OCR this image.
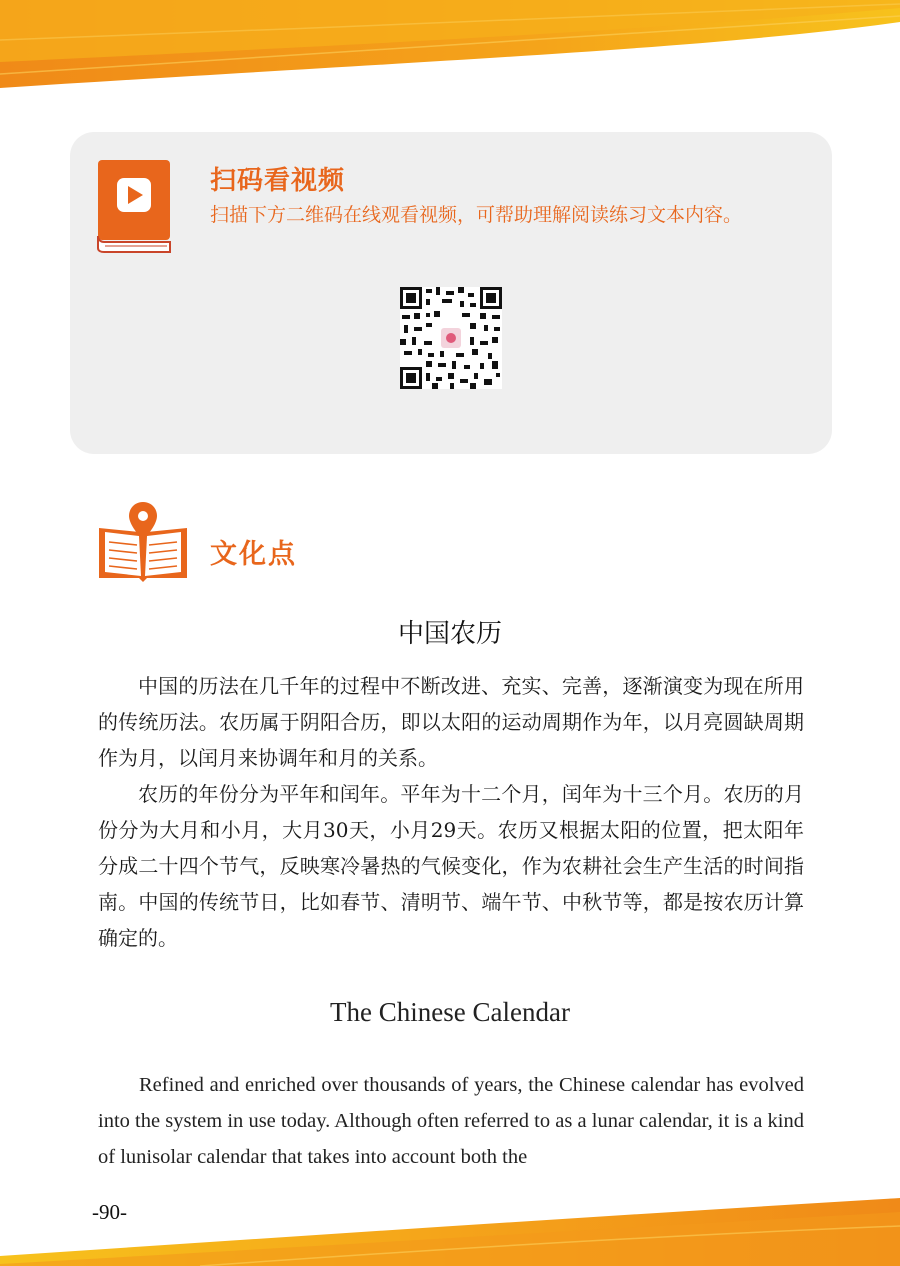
扫码看视频
扫描下方二维码在线观看视频，可帮助理解阅读练习文本内容。
文化点
中国农历

中国的历法在几千年的过程中不断改进、充实、完善，逐渐演变为现在所用的传统历法。农历属于阴阳合历，即以太阳的运动周期作为年，以月亮圆缺周期作为月，以闰月来协调年和月的关系。

农历的年份分为平年和闰年。平年为十二个月，闰年为十三个月。农历的月份分为大月和小月，大月30天，小月29天。农历又根据太阳的位置，把太阳年分成二十四个节气，反映寒冷暑热的气候变化，作为农耕社会生产生活的时间指南。中国的传统节日，比如春节、清明节、端午节、中秋节等，都是按农历计算确定的。

The Chinese Calendar

Refined and enriched over thousands of years, the Chinese calendar has evolved into the system in use today. Although often referred to as a lunar calendar, it is a kind of lunisolar calendar that takes into account both the

-90-
